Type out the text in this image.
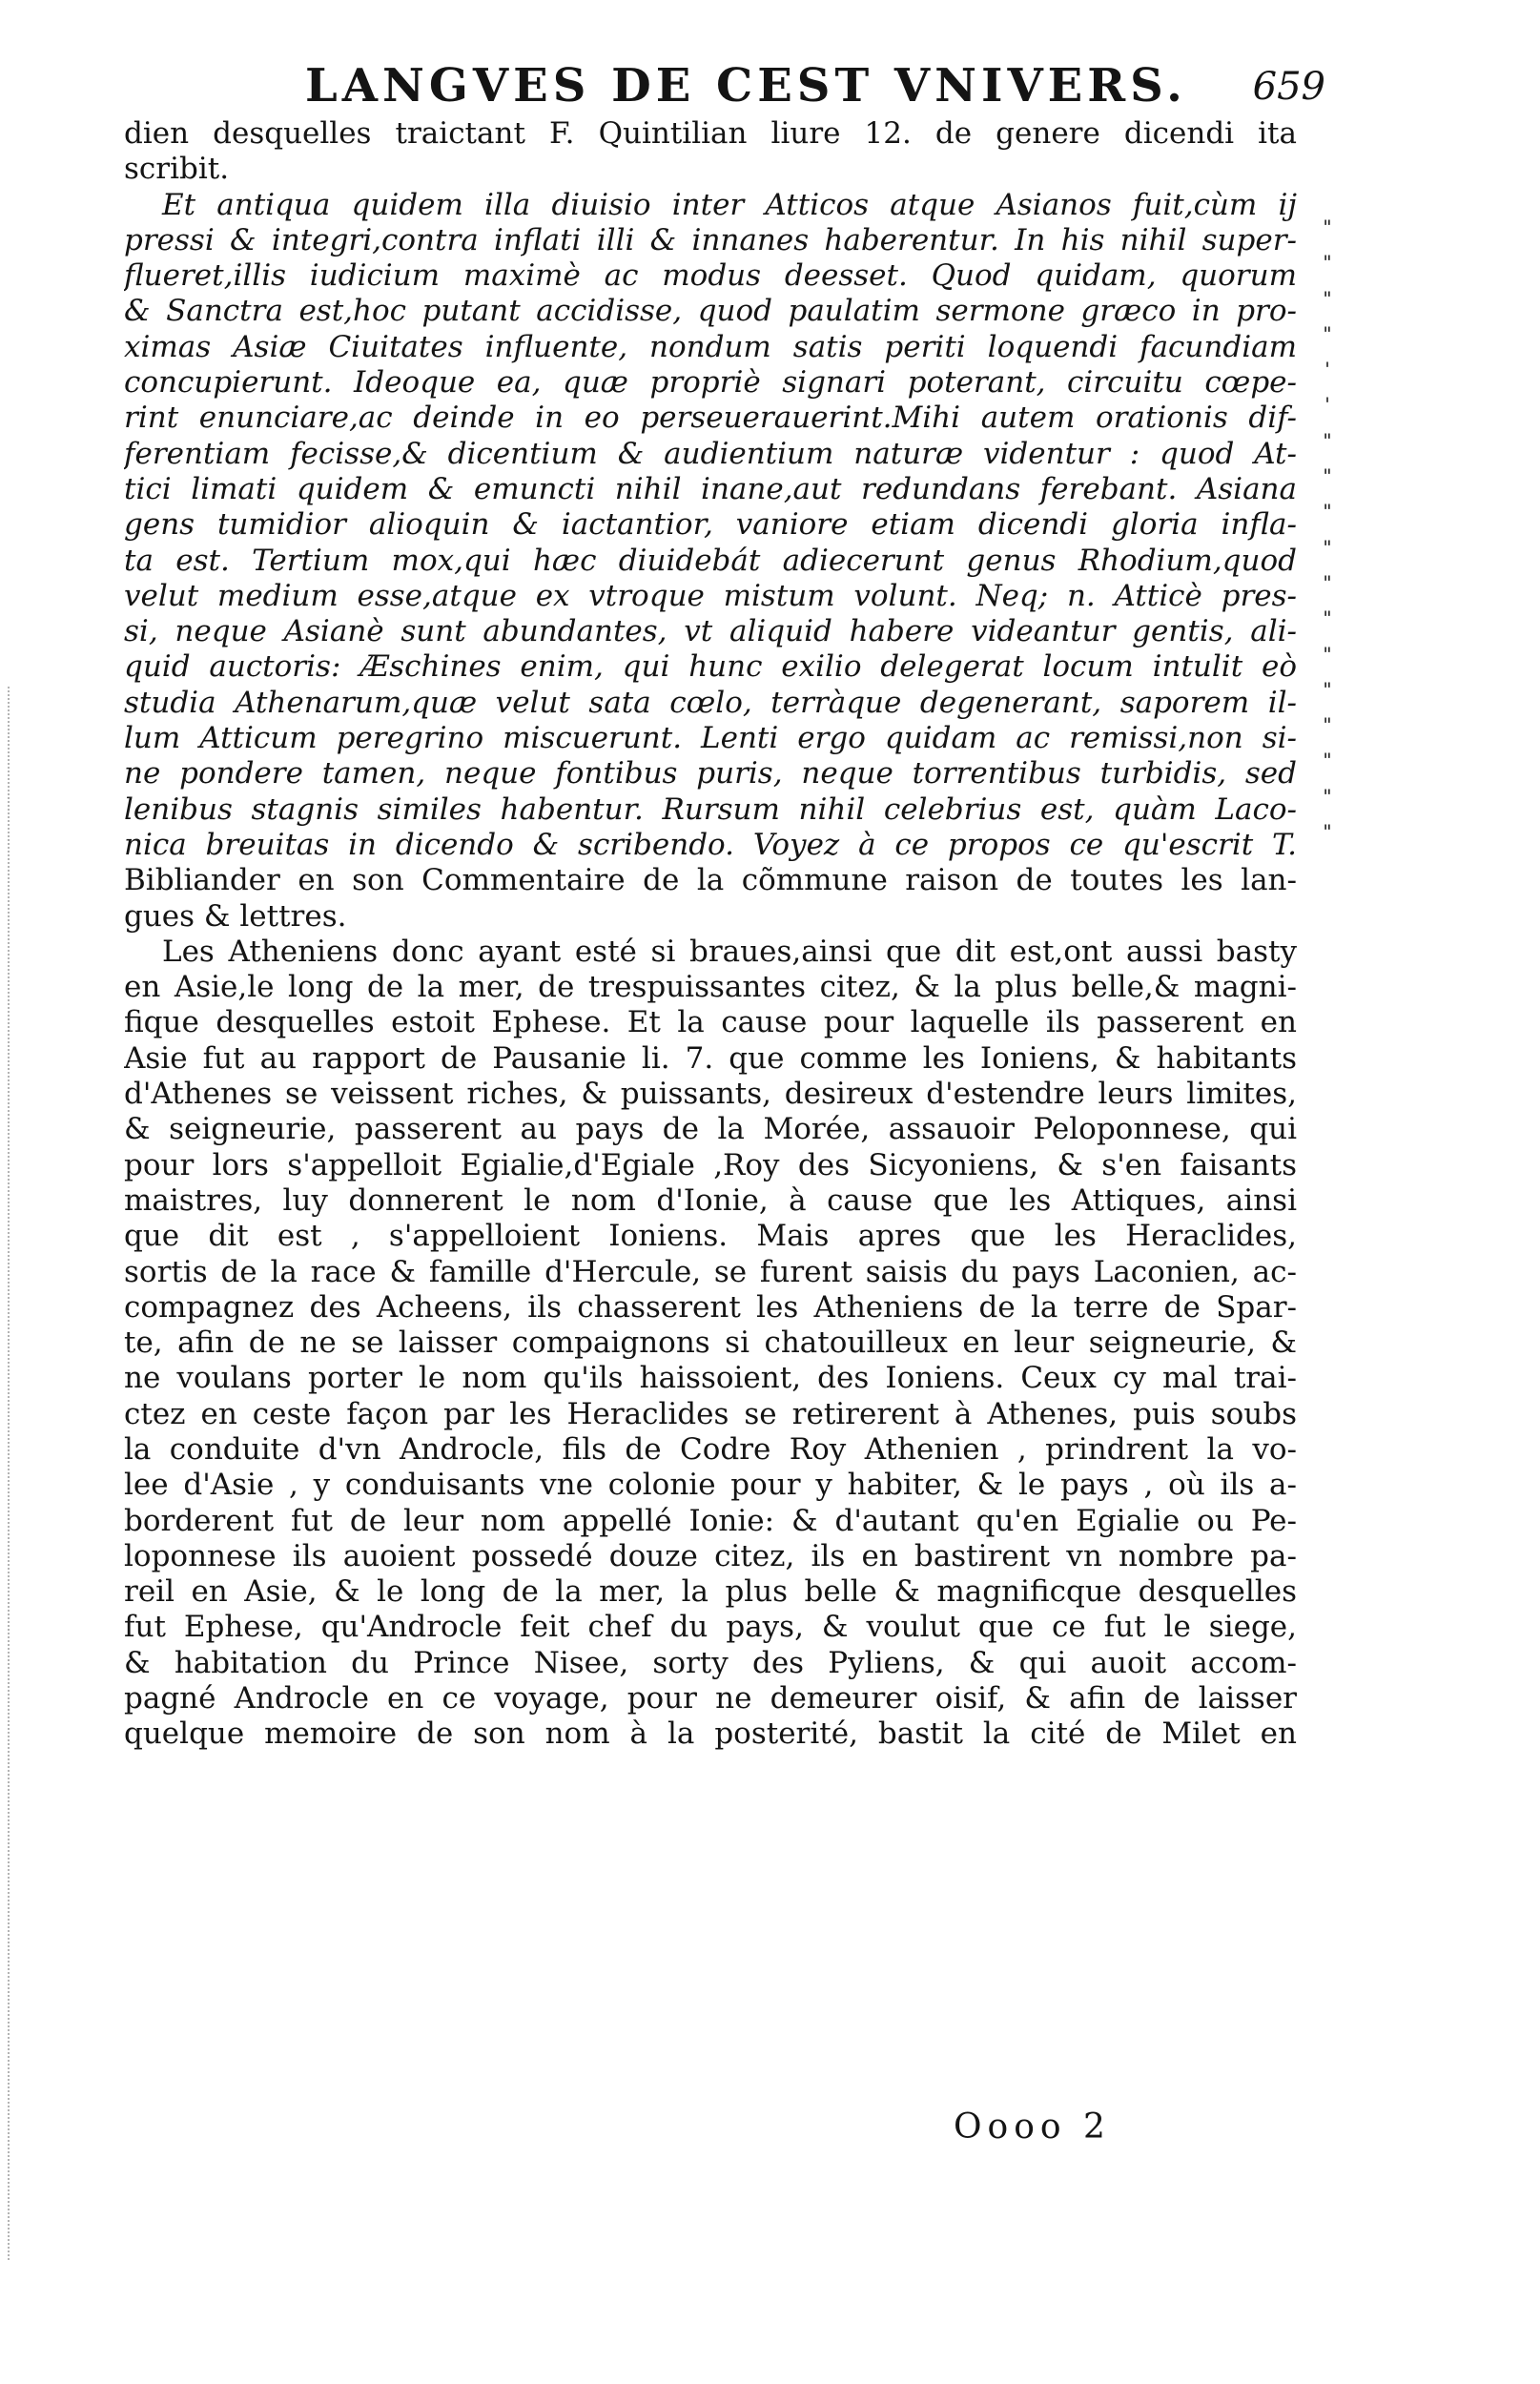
LANGVES DE CEST VNIVERS. 659
dien desquelles traictant F. Quintilian liure 12. de genere dicendi ita
scribit.
Et antiqua quidem illa diuisio inter Atticos atque Asianos fuit,cùm ij
pressi & integri,contra inflati illi & innanes haberentur. In his nihil super-
flueret,illis iudicium maximè ac modus deesset. Quod quidam, quorum
& Sanctra est,hoc putant accidisse, quod paulatim sermone græco in pro-
ximas Asiæ Ciuitates influente, nondum satis periti loquendi facundiam
concupierunt. Ideoque ea, quæ propriè signari poterant, circuitu cœpe-
rint enunciare,ac deinde in eo perseuerauerint.Mihi autem orationis dif-
ferentiam fecisse,& dicentium & audientium naturæ videntur : quod At-
tici limati quidem & emuncti nihil inane,aut redundans ferebant. Asiana
gens tumidior alioquin & iactantior, vaniore etiam dicendi gloria infla-
ta est. Tertium mox,qui hæc diuidebát adiecerunt genus Rhodium,quod
velut medium esse,atque ex vtroque mistum volunt. Neq; n. Atticè pres-
si, neque Asianè sunt abundantes, vt aliquid habere videantur gentis, ali-
quid auctoris: Æschines enim, qui hunc exilio delegerat locum intulit eò
studia Athenarum,quæ velut sata cœlo, terràque degenerant, saporem il-
lum Atticum peregrino miscuerunt. Lenti ergo quidam ac remissi,non si-
ne pondere tamen, neque fontibus puris, neque torrentibus turbidis, sed
lenibus stagnis similes habentur. Rursum nihil celebrius est, quàm Laco-
nica breuitas in dicendo & scribendo. Voyez à ce propos ce qu'escrit T.
Bibliander en son Commentaire de la cõmmune raison de toutes les lan-
gues & lettres.
Les Atheniens donc ayant esté si braues,ainsi que dit est,ont aussi basty
en Asie,le long de la mer, de trespuissantes citez, & la plus belle,& magni-
fique desquelles estoit Ephese. Et la cause pour laquelle ils passerent en
Asie fut au rapport de Pausanie li. 7. que comme les Ioniens, & habitants
d'Athenes se veissent riches, & puissants, desireux d'estendre leurs limites,
& seigneurie, passerent au pays de la Morée, assauoir Peloponnese, qui
pour lors s'appelloit Egialie,d'Egiale ,Roy des Sicyoniens, & s'en faisants
maistres, luy donnerent le nom d'Ionie, à cause que les Attiques, ainsi
que dit est , s'appelloient Ioniens. Mais apres que les Heraclides,
sortis de la race & famille d'Hercule, se furent saisis du pays Laconien, ac-
compagnez des Acheens, ils chasserent les Atheniens de la terre de Spar-
te, afin de ne se laisser compaignons si chatouilleux en leur seigneurie, &
ne voulans porter le nom qu'ils haissoient, des Ioniens. Ceux cy mal trai-
ctez en ceste façon par les Heraclides se retirerent à Athenes, puis soubs
la conduite d'vn Androcle, fils de Codre Roy Athenien , prindrent la vo-
lee d'Asie , y conduisants vne colonie pour y habiter, & le pays , où ils a-
borderent fut de leur nom appellé Ionie: & d'autant qu'en Egialie ou Pe-
loponnese ils auoient possedé douze citez, ils en bastirent vn nombre pa-
reil en Asie, & le long de la mer, la plus belle & magnificque desquelles
fut Ephese, qu'Androcle feit chef du pays, & voulut que ce fut le siege,
& habitation du Prince Nisee, sorty des Pyliens, & qui auoit accom-
pagné Androcle en ce voyage, pour ne demeurer oisif, & afin de laisser
quelque memoire de son nom à la posterité, bastit la cité de Milet en
"
"
"
"
'
'
"
"
"
"
"
"
"
"
"
"
"
"
Oooo 2
